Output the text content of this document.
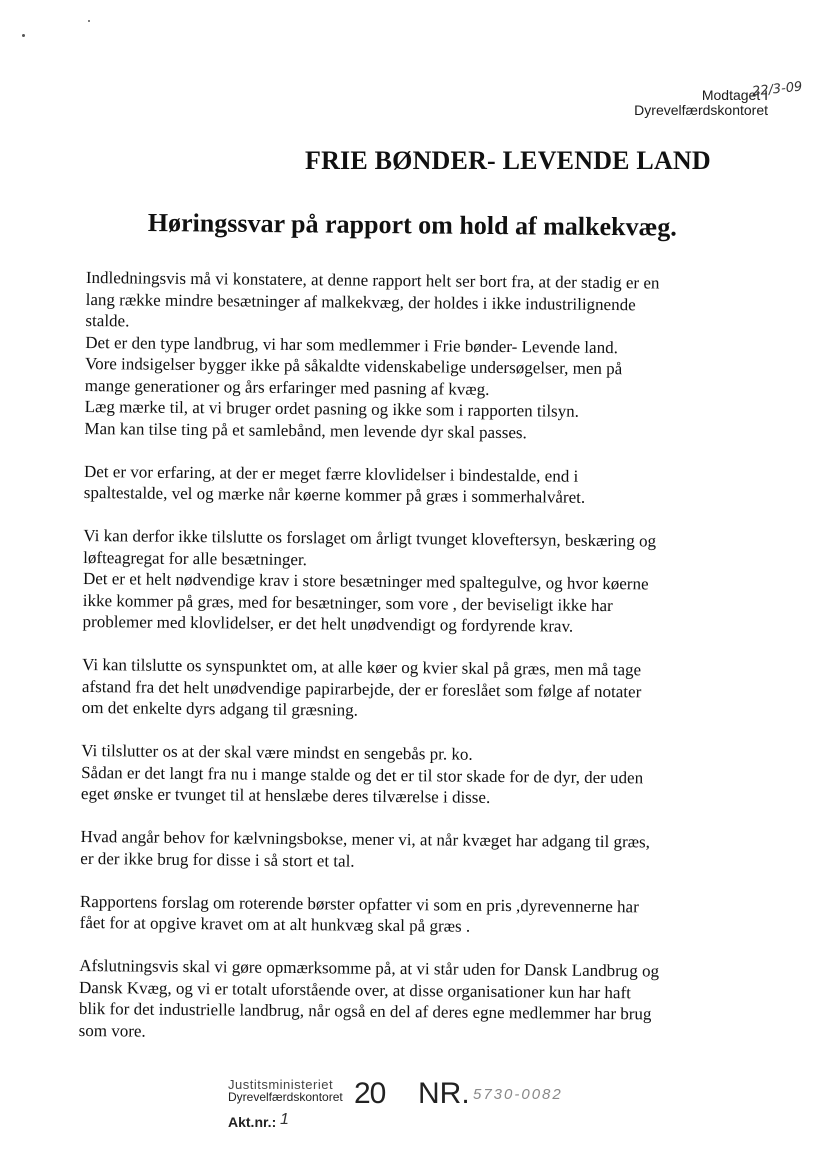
Modtaget I
Dyrevelfærdskontoret
22/3-09
FRIE BØNDER- LEVENDE LAND
Høringssvar på rapport om hold af malkekvæg.

Indledningsvis må vi konstatere, at denne rapport helt ser bort fra, at der stadig er en
lang række mindre besætninger af malkekvæg, der holdes i ikke industrilignende
stalde.
Det er den type landbrug, vi har som medlemmer i Frie bønder- Levende land.
Vore indsigelser bygger ikke på såkaldte videnskabelige undersøgelser, men på
mange generationer og års erfaringer med pasning af kvæg.
Læg mærke til, at vi bruger ordet pasning og ikke som i rapporten tilsyn.
Man kan tilse ting på et samlebånd, men levende dyr skal passes.

Det er vor erfaring, at der er meget færre klovlidelser i bindestalde, end i
spaltestalde, vel og mærke når køerne kommer på græs i sommerhalvåret.

Vi kan derfor ikke tilslutte os forslaget om årligt tvunget kloveftersyn, beskæring og
løfteagregat for alle besætninger.
Det er et helt nødvendige krav i store besætninger med spaltegulve, og hvor køerne
ikke kommer på græs, med for besætninger, som vore , der beviseligt ikke har
problemer med klovlidelser, er det helt unødvendigt og fordyrende krav.

Vi kan tilslutte os synspunktet om, at alle køer og kvier skal på græs, men må tage
afstand fra det helt unødvendige papirarbejde, der er foreslået som følge af notater
om det enkelte dyrs adgang til græsning.

Vi tilslutter os at der skal være mindst en sengebås pr. ko.
Sådan er det langt fra nu i mange stalde og det er til stor skade for de dyr, der uden
eget ønske er tvunget til at henslæbe deres tilværelse i disse.

Hvad angår behov for kælvningsbokse, mener vi, at når kvæget har adgang til græs,
er der ikke brug for disse i så stort et tal.

Rapportens forslag om roterende børster opfatter vi som en pris ,dyrevennerne har
fået for at opgive kravet om at alt hunkvæg skal på græs .

Afslutningsvis skal vi gøre opmærksomme på, at vi står uden for Dansk Landbrug og
Dansk Kvæg, og vi er totalt uforstående over, at disse organisationer kun har haft
blik for det industrielle landbrug, når også en del af deres egne medlemmer har brug
som vore.

Justitsministeriet
Dyrevelfærdskontoret 20 NR. 5730-0082
Akt.nr.: 1
